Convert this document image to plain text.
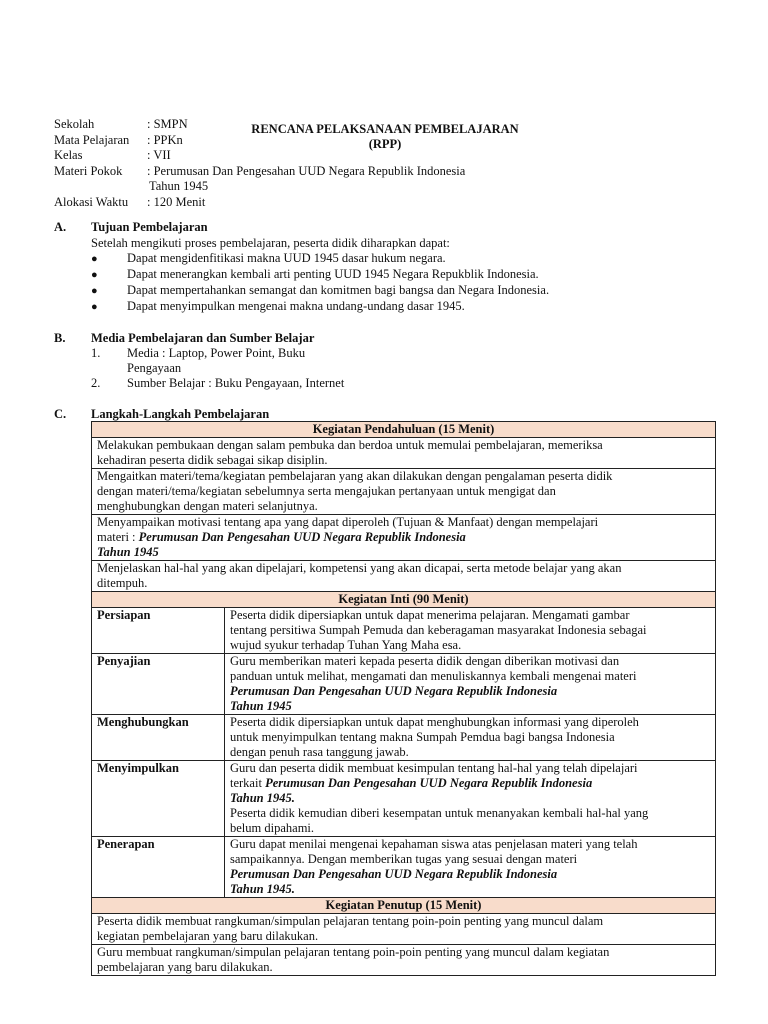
Sekolah	: SMPN
Mata Pelajaran : PPKn
Kelas	: VII
Materi Pokok : Perumusan Dan Pengesahan UUD Negara Republik Indonesia
Tahun 1945
Alokasi Waktu : 120 Menit
RENCANA PELAKSANAAN PEMBELAJARAN
(RPP)
A. Tujuan Pembelajaran
Setelah mengikuti proses pembelajaran, peserta didik diharapkan dapat:
● Dapat mengidenfitikasi makna UUD 1945 dasar hukum negara.
● Dapat menerangkan kembali arti penting UUD 1945 Negara Repukblik Indonesia.
● Dapat mempertahankan semangat dan komitmen bagi bangsa dan Negara Indonesia.
● Dapat menyimpulkan mengenai makna undang-undang dasar 1945.
B. Media Pembelajaran dan Sumber Belajar
1. Media : Laptop, Power Point, Buku
Pengayaan
2. Sumber Belajar : Buku Pengayaan, Internet
C. Langkah-Langkah Pembelajaran
Kegiatan Pendahuluan (15 Menit)
Melakukan pembukaan dengan salam pembuka dan berdoa untuk memulai pembelajaran, memeriksa
kehadiran peserta didik sebagai sikap disiplin.
Mengaitkan materi/tema/kegiatan pembelajaran yang akan dilakukan dengan pengalaman peserta didik
dengan materi/tema/kegiatan sebelumnya serta mengajukan pertanyaan untuk mengigat dan
menghubungkan dengan materi selanjutnya.
Menyampaikan motivasi tentang apa yang dapat diperoleh (Tujuan & Manfaat) dengan mempelajari
materi : Perumusan Dan Pengesahan UUD Negara Republik Indonesia
Tahun 1945
Menjelaskan hal-hal yang akan dipelajari, kompetensi yang akan dicapai, serta metode belajar yang akan
ditempuh.
Kegiatan Inti (90 Menit)
Persiapan	Peserta didik dipersiapkan untuk dapat menerima pelajaran. Mengamati gambar
tentang persitiwa Sumpah Pemuda dan keberagaman masyarakat Indonesia sebagai
wujud syukur terhadap Tuhan Yang Maha esa.
Penyajian	Guru memberikan materi kepada peserta didik dengan diberikan motivasi dan
panduan untuk melihat, mengamati dan menuliskannya kembali mengenai materi
Perumusan Dan Pengesahan UUD Negara Republik Indonesia
Tahun 1945
Menghubungkan	Peserta didik dipersiapkan untuk dapat menghubungkan informasi yang diperoleh
untuk menyimpulkan tentang makna Sumpah Pemdua bagi bangsa Indonesia
dengan penuh rasa tanggung jawab.
Menyimpulkan	Guru dan peserta didik membuat kesimpulan tentang hal-hal yang telah dipelajari
terkait Perumusan Dan Pengesahan UUD Negara Republik Indonesia
Tahun 1945.
Peserta didik kemudian diberi kesempatan untuk menanyakan kembali hal-hal yang
belum dipahami.
Penerapan	Guru dapat menilai mengenai kepahaman siswa atas penjelasan materi yang telah
sampaikannya. Dengan memberikan tugas yang sesuai dengan materi
Perumusan Dan Pengesahan UUD Negara Republik Indonesia
Tahun 1945.
Kegiatan Penutup (15 Menit)
Peserta didik membuat rangkuman/simpulan pelajaran tentang poin-poin penting yang muncul dalam
kegiatan pembelajaran yang baru dilakukan.
Guru membuat rangkuman/simpulan pelajaran tentang poin-poin penting yang muncul dalam kegiatan
pembelajaran yang baru dilakukan.
